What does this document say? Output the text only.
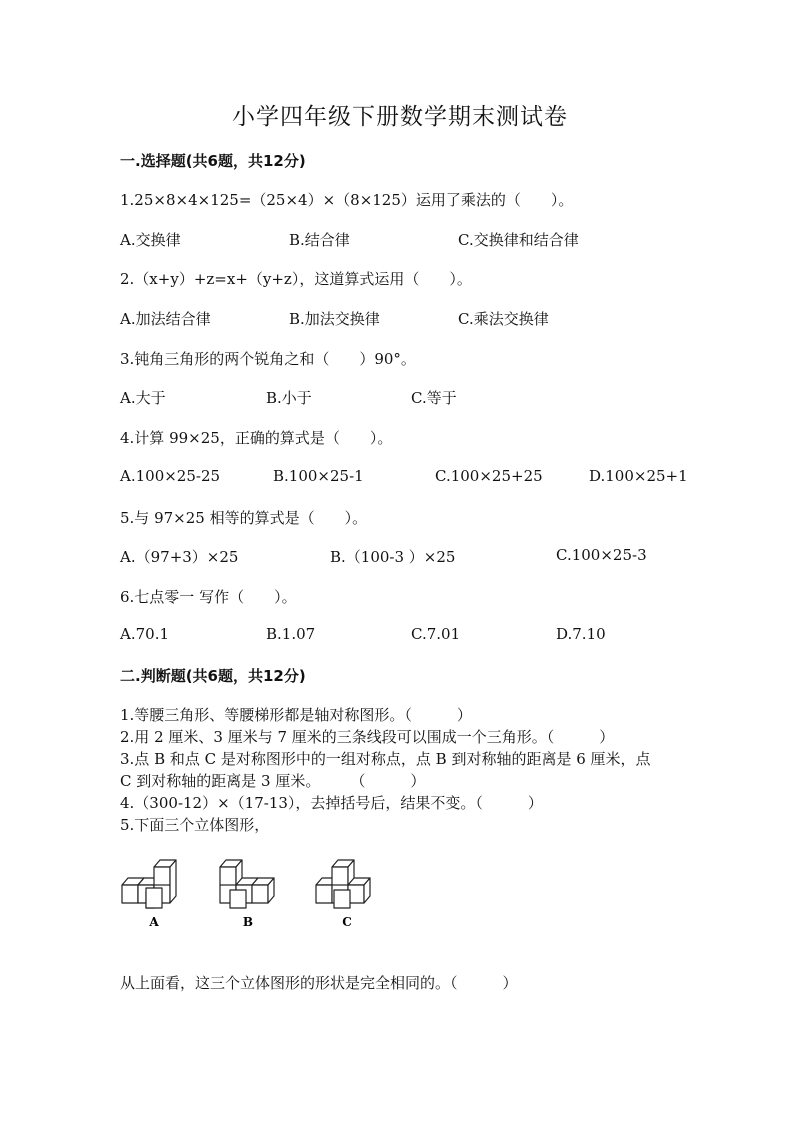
小学四年级下册数学期末测试卷
一.选择题(共6题，共12分)
1.25×8×4×125=（25×4）×（8×125）运用了乘法的（　　）。
A.交换律	B.结合律	C.交换律和结合律
2.（x+y）+z=x+（y+z），这道算式运用（　　）。
A.加法结合律	B.加法交换律	C.乘法交换律
3.钝角三角形的两个锐角之和（　　）90°。
A.大于	B.小于	C.等于
4.计算 99×25，正确的算式是（　　）。
A.100×25-25	B.100×25-1	C.100×25+25	D.100×25+1
5.与 97×25 相等的算式是（　　）。
A.（97+3）×25	B.（100-3 ）×25	C.100×25-3
6.七点零一 写作（　　）。
A.70.1	B.1.07	C.7.01	D.7.10
二.判断题(共6题，共12分)
1.等腰三角形、等腰梯形都是轴对称图形。（　　　）
2.用 2 厘米、3 厘米与 7 厘米的三条线段可以围成一个三角形。（　　　）
3.点 B 和点 C 是对称图形中的一组对称点，点 B 到对称轴的距离是 6 厘米，点
C 到对称轴的距离是 3 厘米。　　　（　　　）
4.（300-12）×（17-13），去掉括号后，结果不变。（　　　）
5.下面三个立体图形，
A	B	C
从上面看，这三个立体图形的形状是完全相同的。（　　　）
